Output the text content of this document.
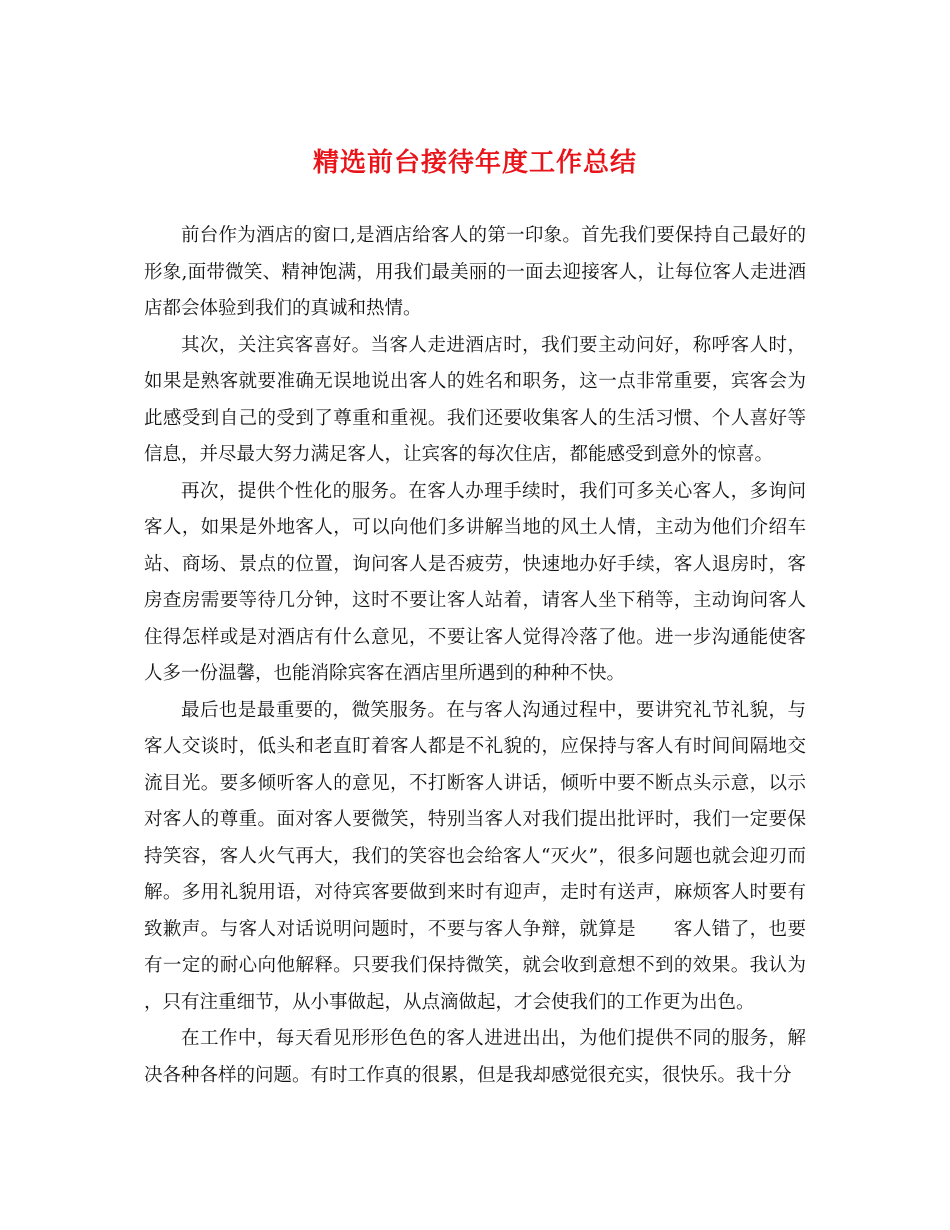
精选前台接待年度工作总结

前台作为酒店的窗口,是酒店给客人的第一印象。首先我们要保持自己最好的形象,面带微笑、精神饱满，用我们最美丽的一面去迎接客人，让每位客人走进酒店都会体验到我们的真诚和热情。

其次，关注宾客喜好。当客人走进酒店时，我们要主动问好，称呼客人时，如果是熟客就要准确无误地说出客人的姓名和职务，这一点非常重要，宾客会为此感受到自己的受到了尊重和重视。我们还要收集客人的生活习惯、个人喜好等信息，并尽最大努力满足客人，让宾客的每次住店，都能感受到意外的惊喜。

再次，提供个性化的服务。在客人办理手续时，我们可多关心客人，多询问客人，如果是外地客人，可以向他们多讲解当地的风土人情，主动为他们介绍车站、商场、景点的位置，询问客人是否疲劳，快速地办好手续，客人退房时，客房查房需要等待几分钟，这时不要让客人站着，请客人坐下稍等，主动询问客人住得怎样或是对酒店有什么意见，不要让客人觉得冷落了他。进一步沟通能使客人多一份温馨，也能消除宾客在酒店里所遇到的种种不快。

最后也是最重要的，微笑服务。在与客人沟通过程中，要讲究礼节礼貌，与客人交谈时，低头和老直盯着客人都是不礼貌的，应保持与客人有时间间隔地交流目光。要多倾听客人的意见，不打断客人讲话，倾听中要不断点头示意，以示对客人的尊重。面对客人要微笑，特别当客人对我们提出批评时，我们一定要保持笑容，客人火气再大，我们的笑容也会给客人“灭火”，很多问题也就会迎刃而解。多用礼貌用语，对待宾客要做到来时有迎声，走时有送声，麻烦客人时要有致歉声。与客人对话说明问题时，不要与客人争辩，就算是　　客人错了，也要有一定的耐心向他解释。只要我们保持微笑，就会收到意想不到的效果。我认为，只有注重细节，从小事做起，从点滴做起，才会使我们的工作更为出色。

在工作中，每天看见形形色色的客人进进出出，为他们提供不同的服务，解决各种各样的问题。有时工作真的很累，但是我却感觉很充实，很快乐。我十分
